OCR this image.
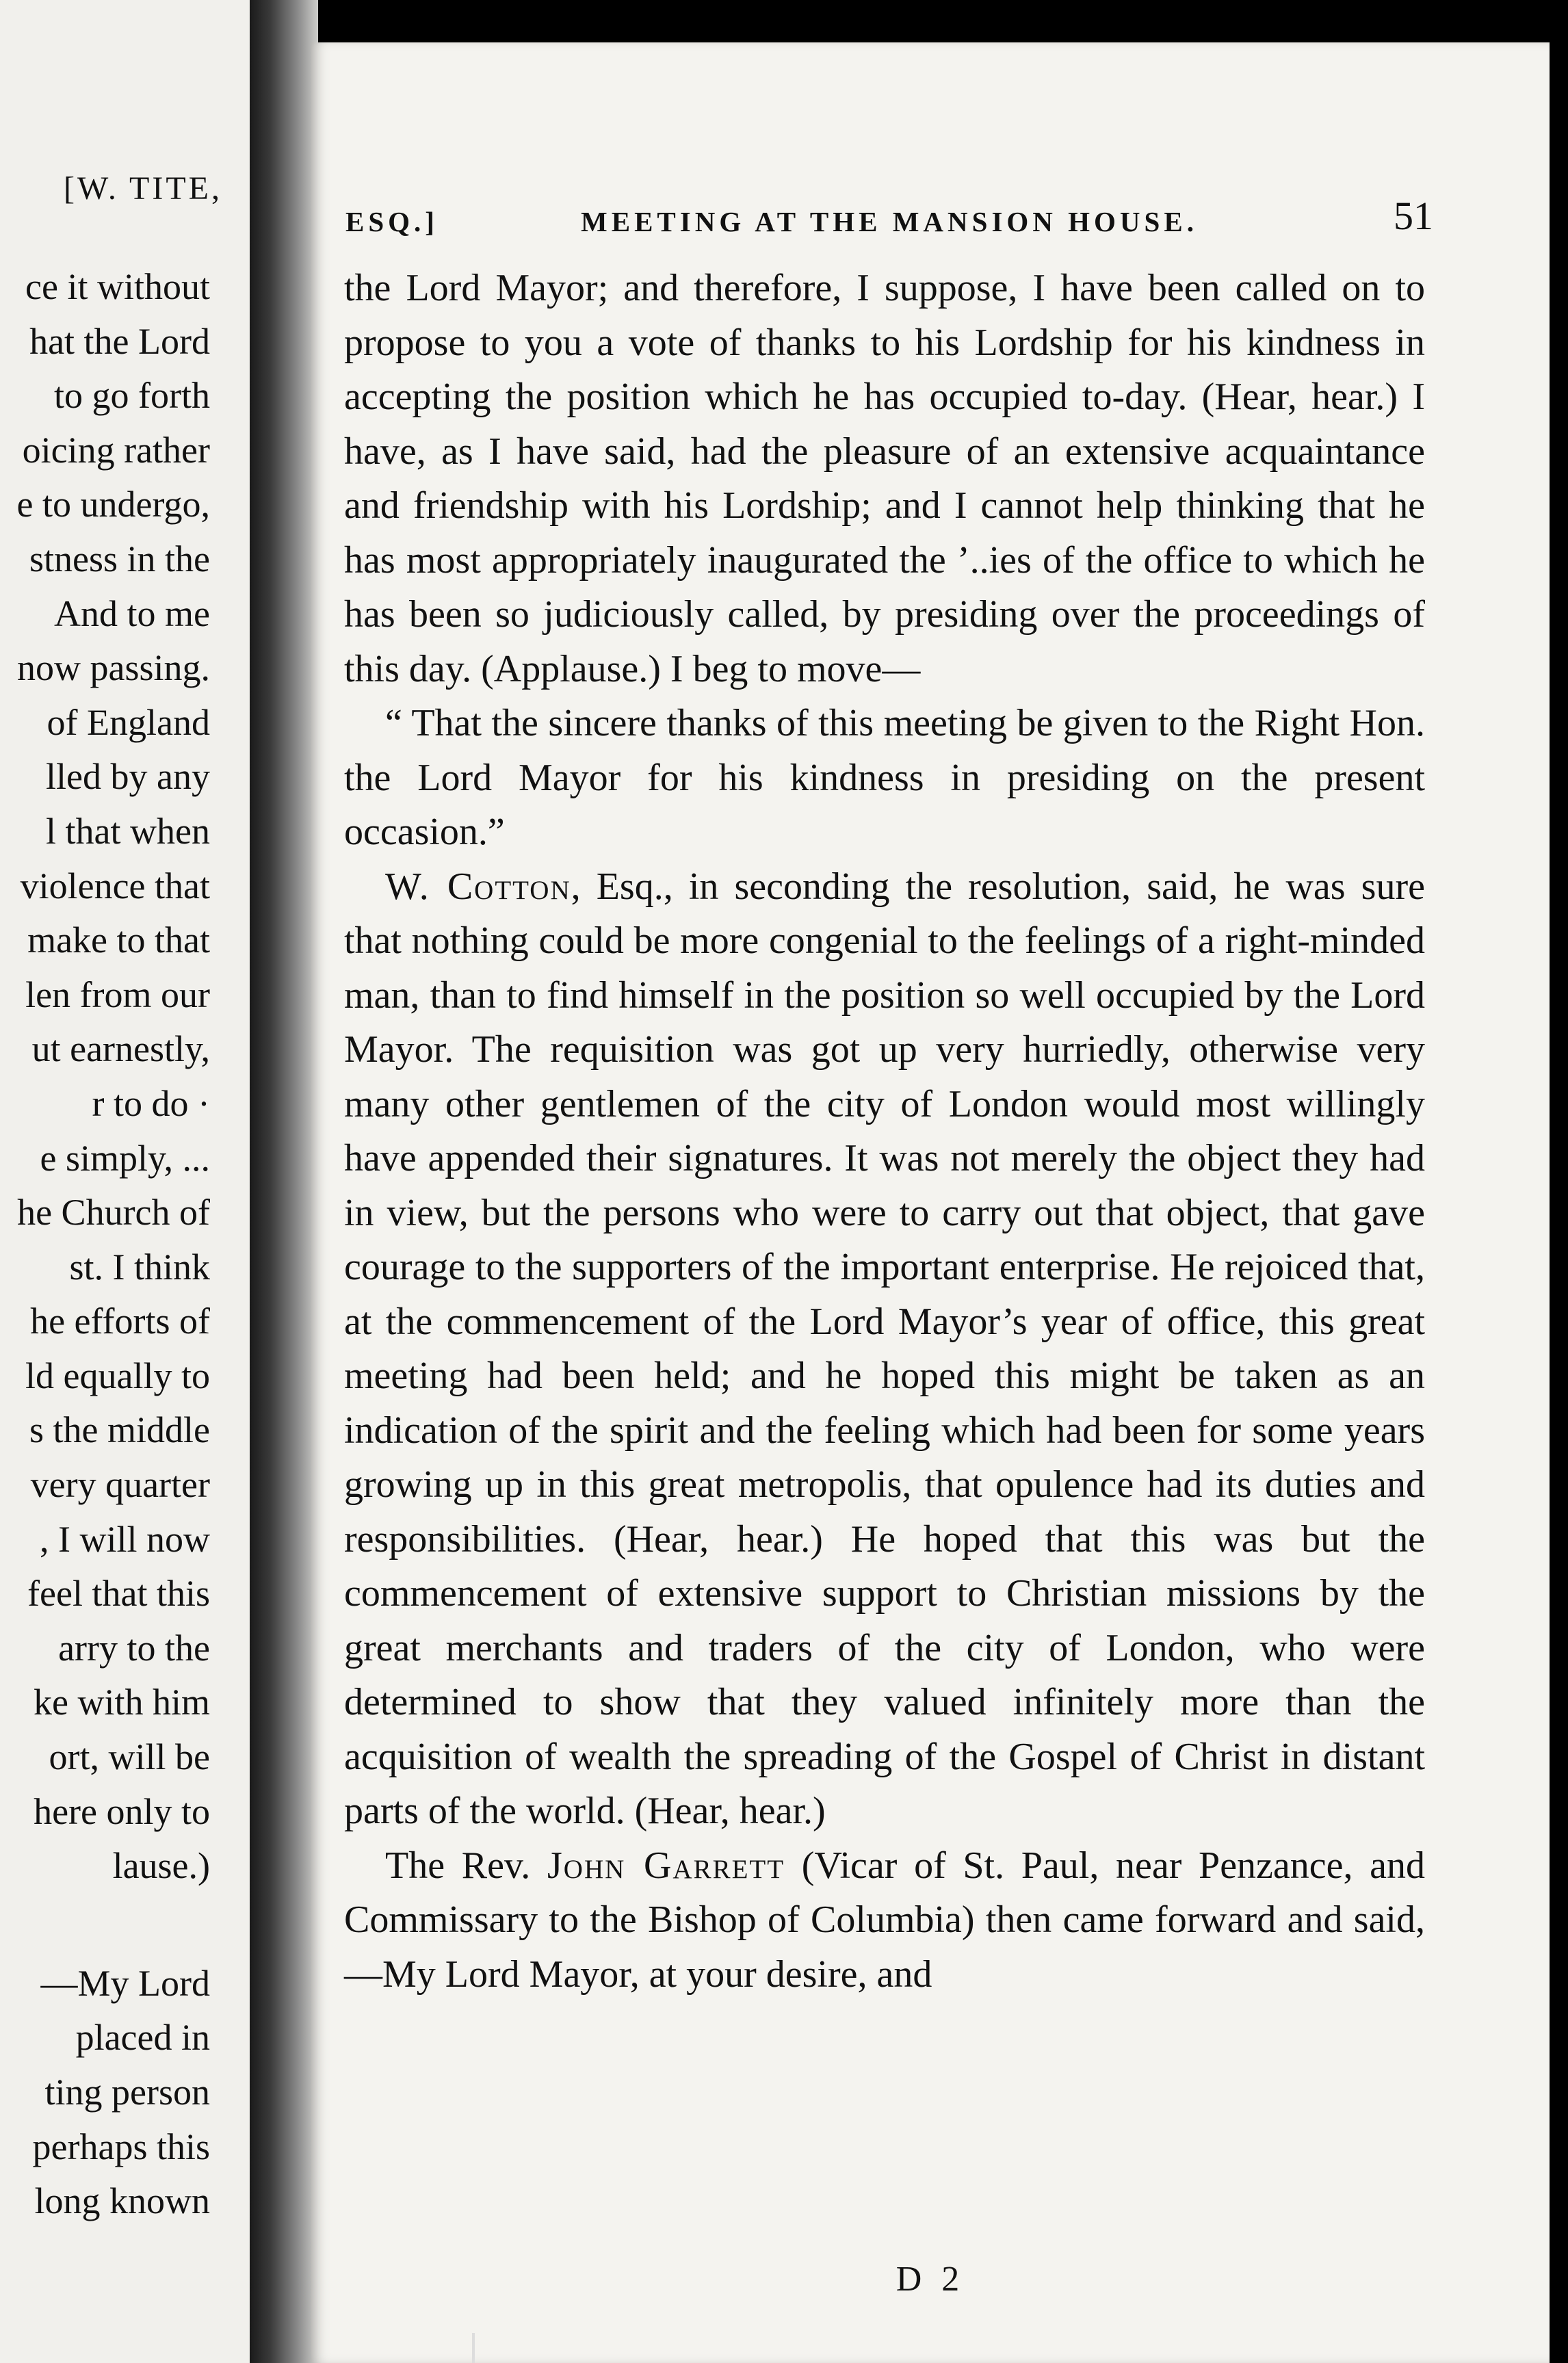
[W. TITE,
ce it without
hat the Lord
to go forth
oicing rather
e to undergo,
stness in the
And to me
now passing.
of England
lled by any
l that when
violence that
make to that
len from our
ut earnestly,
r to do ·
e simply, ...
he Church of
st. I think
he efforts of
ld equally to
s the middle
very quarter
, I will now
feel that this
arry to the
ke with him
ort, will be
here only to
lause.)
—My Lord
placed in
ting person
perhaps this
long known
ESQ.]	MEETING AT THE MANSION HOUSE.	51

the Lord Mayor; and therefore, I suppose, I have been called on to propose to you a vote of thanks to his Lordship for his kindness in accepting the position which he has occupied to-day. (Hear, hear.) I have, as I have said, had the pleasure of an extensive acquaintance and friendship with his Lordship; and I cannot help thinking that he has most appropriately inaugurated the ʼ..ies of the office to which he has been so judiciously called, by presiding over the proceedings of this day. (Applause.) I beg to move—

“ That the sincere thanks of this meeting be given to the Right Hon. the Lord Mayor for his kindness in presiding on the present occasion.”

W. Cotton, Esq., in seconding the resolution, said, he was sure that nothing could be more congenial to the feelings of a right-minded man, than to find himself in the position so well occupied by the Lord Mayor. The requisition was got up very hurriedly, otherwise very many other gentlemen of the city of London would most willingly have appended their signatures. It was not merely the object they had in view, but the persons who were to carry out that object, that gave courage to the supporters of the important enterprise. He rejoiced that, at the commencement of the Lord Mayor’s year of office, this great meeting had been held; and he hoped this might be taken as an indication of the spirit and the feeling which had been for some years growing up in this great metropolis, that opulence had its duties and responsibilities. (Hear, hear.) He hoped that this was but the commencement of extensive support to Christian missions by the great merchants and traders of the city of London, who were determined to show that they valued infinitely more than the acquisition of wealth the spreading of the Gospel of Christ in distant parts of the world. (Hear, hear.)

The Rev. John Garrett (Vicar of St. Paul, near Penzance, and Commissary to the Bishop of Columbia) then came forward and said,—My Lord Mayor, at your desire, and

D 2
